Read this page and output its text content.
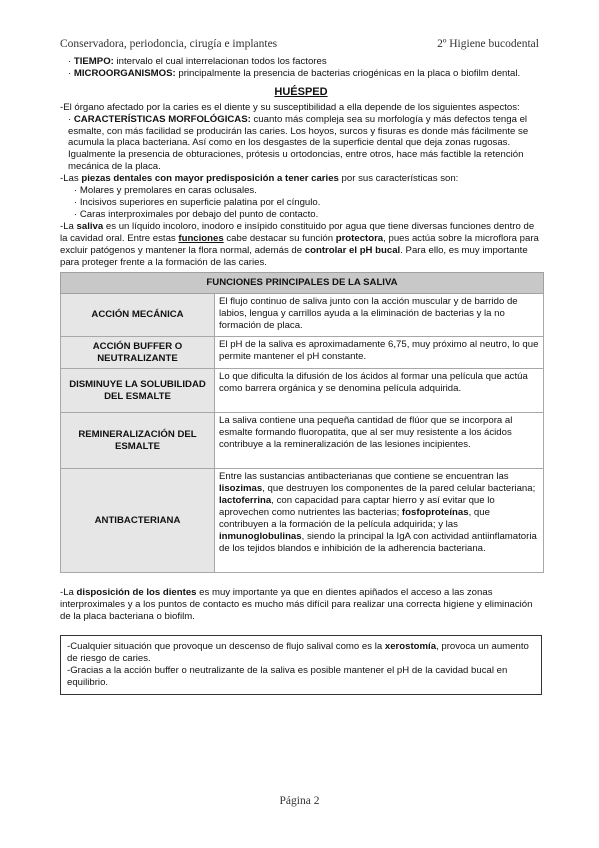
Conservadora, periodoncia, cirugía e implantes	2º Higiene bucodental

· TIEMPO: intervalo el cual interrelacionan todos los factores

· MICROORGANISMOS: principalmente la presencia de bacterias criogénicas en la placa o biofilm dental.

HUÉSPED

-El órgano afectado por la caries es el diente y su susceptibilidad a ella depende de los siguientes aspectos:

· CARACTERÍSTICAS MORFOLÓGICAS: cuanto más compleja sea su morfología y más defectos tenga el esmalte, con más facilidad se producirán las caries. Los hoyos, surcos y fisuras es donde más fácilmente se acumula la placa bacteriana. Así como en los desgastes de la superficie dental que deja zonas rugosas. Igualmente la presencia de obturaciones, prótesis u ortodoncias, entre otros, hace más factible la retención mecánica de la placa.

-Las piezas dentales con mayor predisposición a tener caries por sus características son:

· Molares y premolares en caras oclusales.

· Incisivos superiores en superficie palatina por el cíngulo.

· Caras interproximales por debajo del punto de contacto.

-La saliva es un líquido incoloro, inodoro e insípido constituido por agua que tiene diversas funciones dentro de la cavidad oral. Entre estas funciones cabe destacar su función protectora, pues actúa sobre la microflora para excluir patógenos y mantener la flora normal, además de controlar el pH bucal. Para ello, es muy importante para proteger frente a la formación de las caries.

FUNCIONES PRINCIPALES DE LA SALIVA	
ACCIÓN MECÁNICA	El flujo continuo de saliva junto con la acción muscular y de barrido de labios, lengua y carrillos ayuda a la eliminación de bacterias y la no formación de placa.
ACCIÓN BUFFER O NEUTRALIZANTE	El pH de la saliva es aproximadamente 6,75, muy próximo al neutro, lo que permite mantener el pH constante.
DISMINUYE LA SOLUBILIDAD DEL ESMALTE	Lo que dificulta la difusión de los ácidos al formar una película que actúa como barrera orgánica y se denomina película adquirida.
REMINERALIZACIÓN DEL ESMALTE	La saliva contiene una pequeña cantidad de flúor que se incorpora al esmalte formando fluoropatita, que al ser muy resistente a los ácidos contribuye a la remineralización de las lesiones incipientes.
ANTIBACTERIANA	Entre las sustancias antibacterianas que contiene se encuentran las lisozimas, que destruyen los componentes de la pared celular bacteriana; lactoferrina, con capacidad para captar hierro y así evitar que lo aprovechen como nutrientes las bacterias; fosfoproteínas, que contribuyen a la formación de la película adquirida; y las inmunoglobulinas, siendo la principal la IgA con actividad antiinflamatoria de los tejidos blandos e inhibición de la adherencia bacteriana.

-La disposición de los dientes es muy importante ya que en dientes apiñados el acceso a las zonas interproximales y a los puntos de contacto es mucho más difícil para realizar una correcta higiene y eliminación de la placa bacteriana o biofilm.

-Cualquier situación que provoque un descenso de flujo salival como es la xerostomía, provoca un aumento de riesgo de caries.

-Gracias a la acción buffer o neutralizante de la saliva es posible mantener el pH de la cavidad bucal en equilibrio.

Página 2
